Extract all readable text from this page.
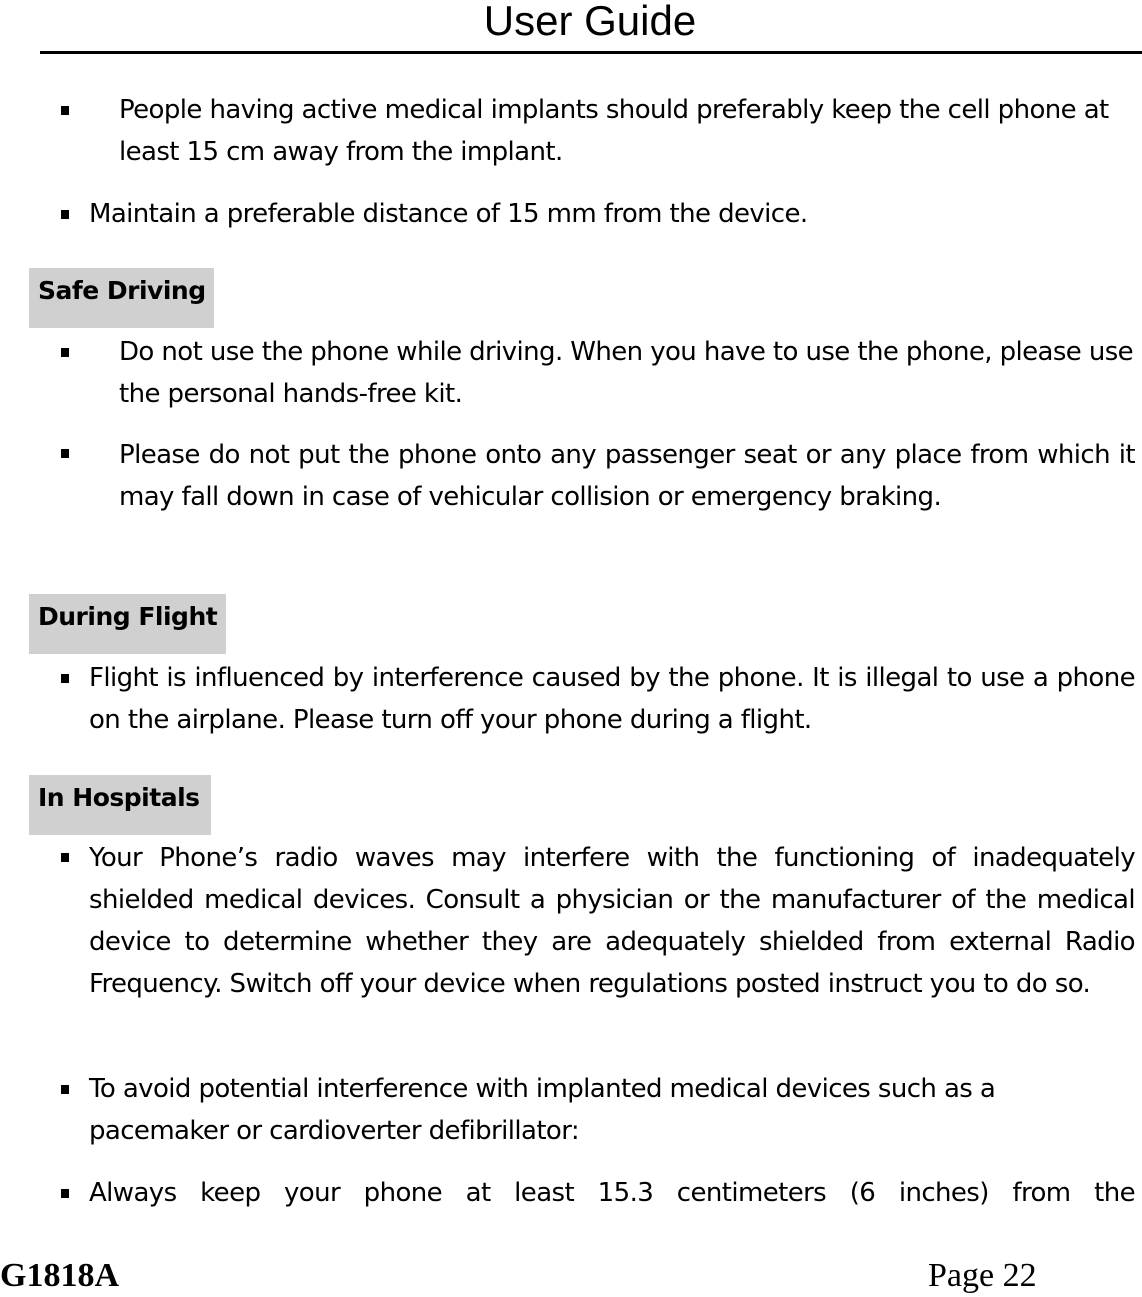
User Guide
People having active medical implants should preferably keep the cell phone at least 15 cm away from the implant.
Maintain a preferable distance of 15 mm from the device.
Safe Driving
Do not use the phone while driving. When you have to use the phone, please use the personal hands-free kit.
Please do not put the phone onto any passenger seat or any place from which it may fall down in case of vehicular collision or emergency braking.
During Flight
Flight is influenced by interference caused by the phone. It is illegal to use a phone on the airplane. Please turn off your phone during a flight.
In Hospitals
Your Phone’s radio waves may interfere with the functioning of inadequately shielded medical devices. Consult a physician or the manufacturer of the medical device to determine whether they are adequately shielded from external Radio Frequency. Switch off your device when regulations posted instruct you to do so.
To avoid potential interference with implanted medical devices such as a pacemaker or cardioverter defibrillator:
Always keep your phone at least 15.3 centimeters (6 inches) from the
G1818A	Page 22
